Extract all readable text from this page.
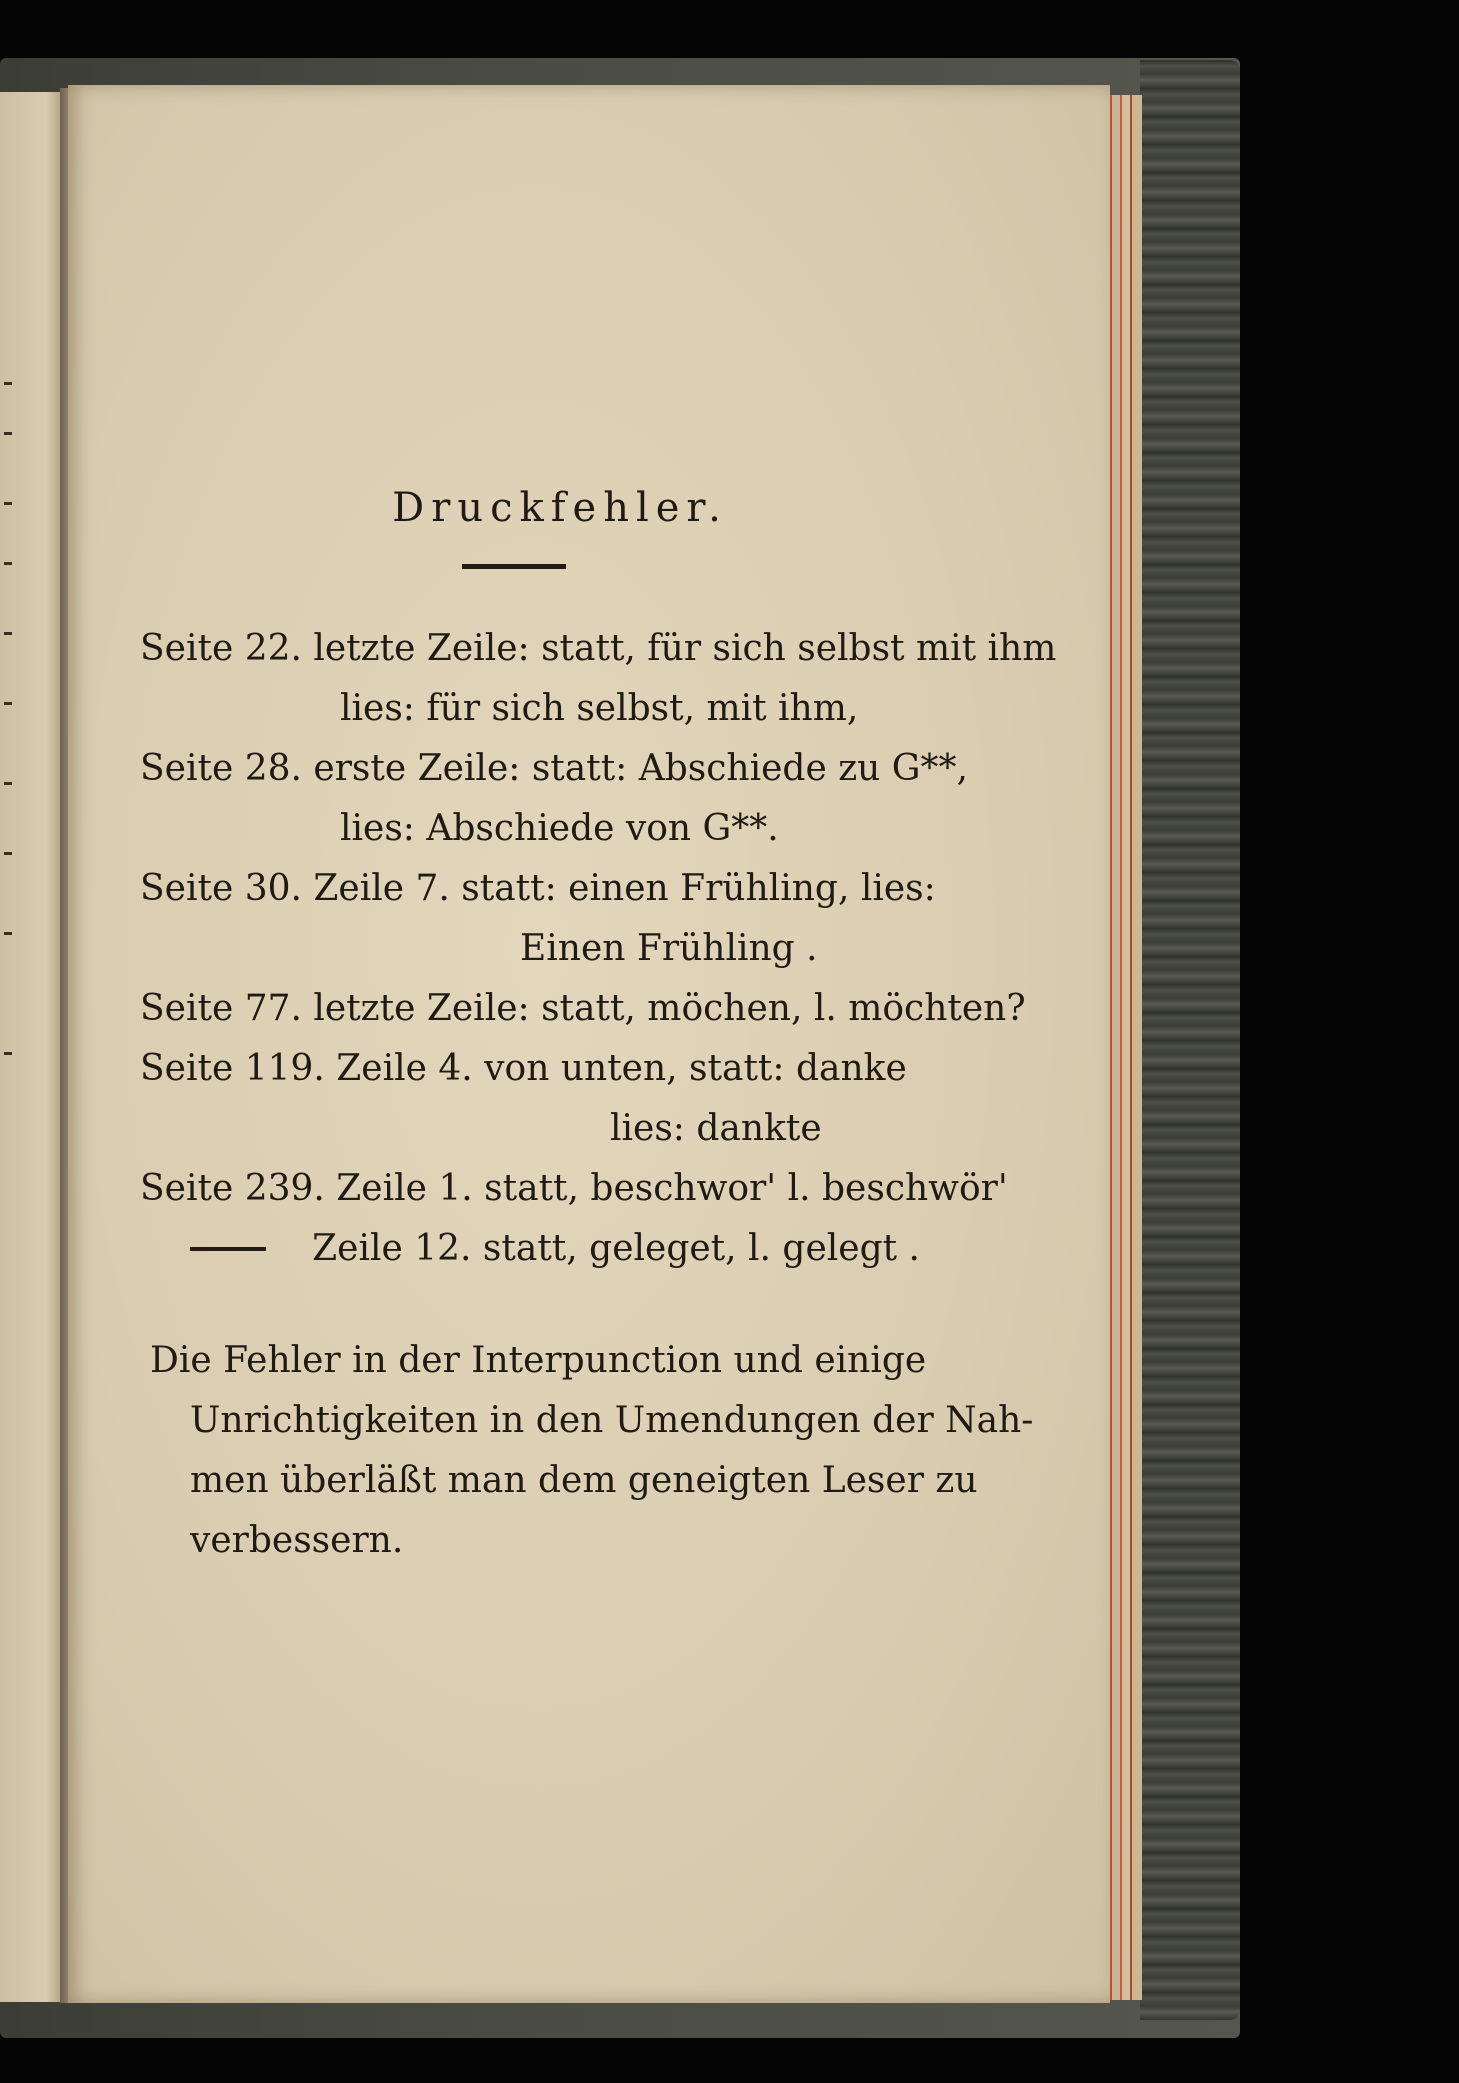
Druckfehler.
Seite 22. letzte Zeile: statt, für sich selbst mit ihm
lies: für sich selbst, mit ihm,
Seite 28. erste Zeile: statt: Abschiede zu G**,
lies: Abschiede von G**.
Seite 30. Zeile 7. statt: einen Frühling, lies:
Einen Frühling .
Seite 77. letzte Zeile: statt, möchen, l. möchten?
Seite 119. Zeile 4. von unten, statt: danke
lies: dankte
Seite 239. Zeile 1. statt, beschwor' l. beschwör'
Zeile 12. statt, geleget, l. gelegt .
Die Fehler in der Interpunction und einige
Unrichtigkeiten in den Umendungen der Nah-
men überläßt man dem geneigten Leser zu
verbessern.
